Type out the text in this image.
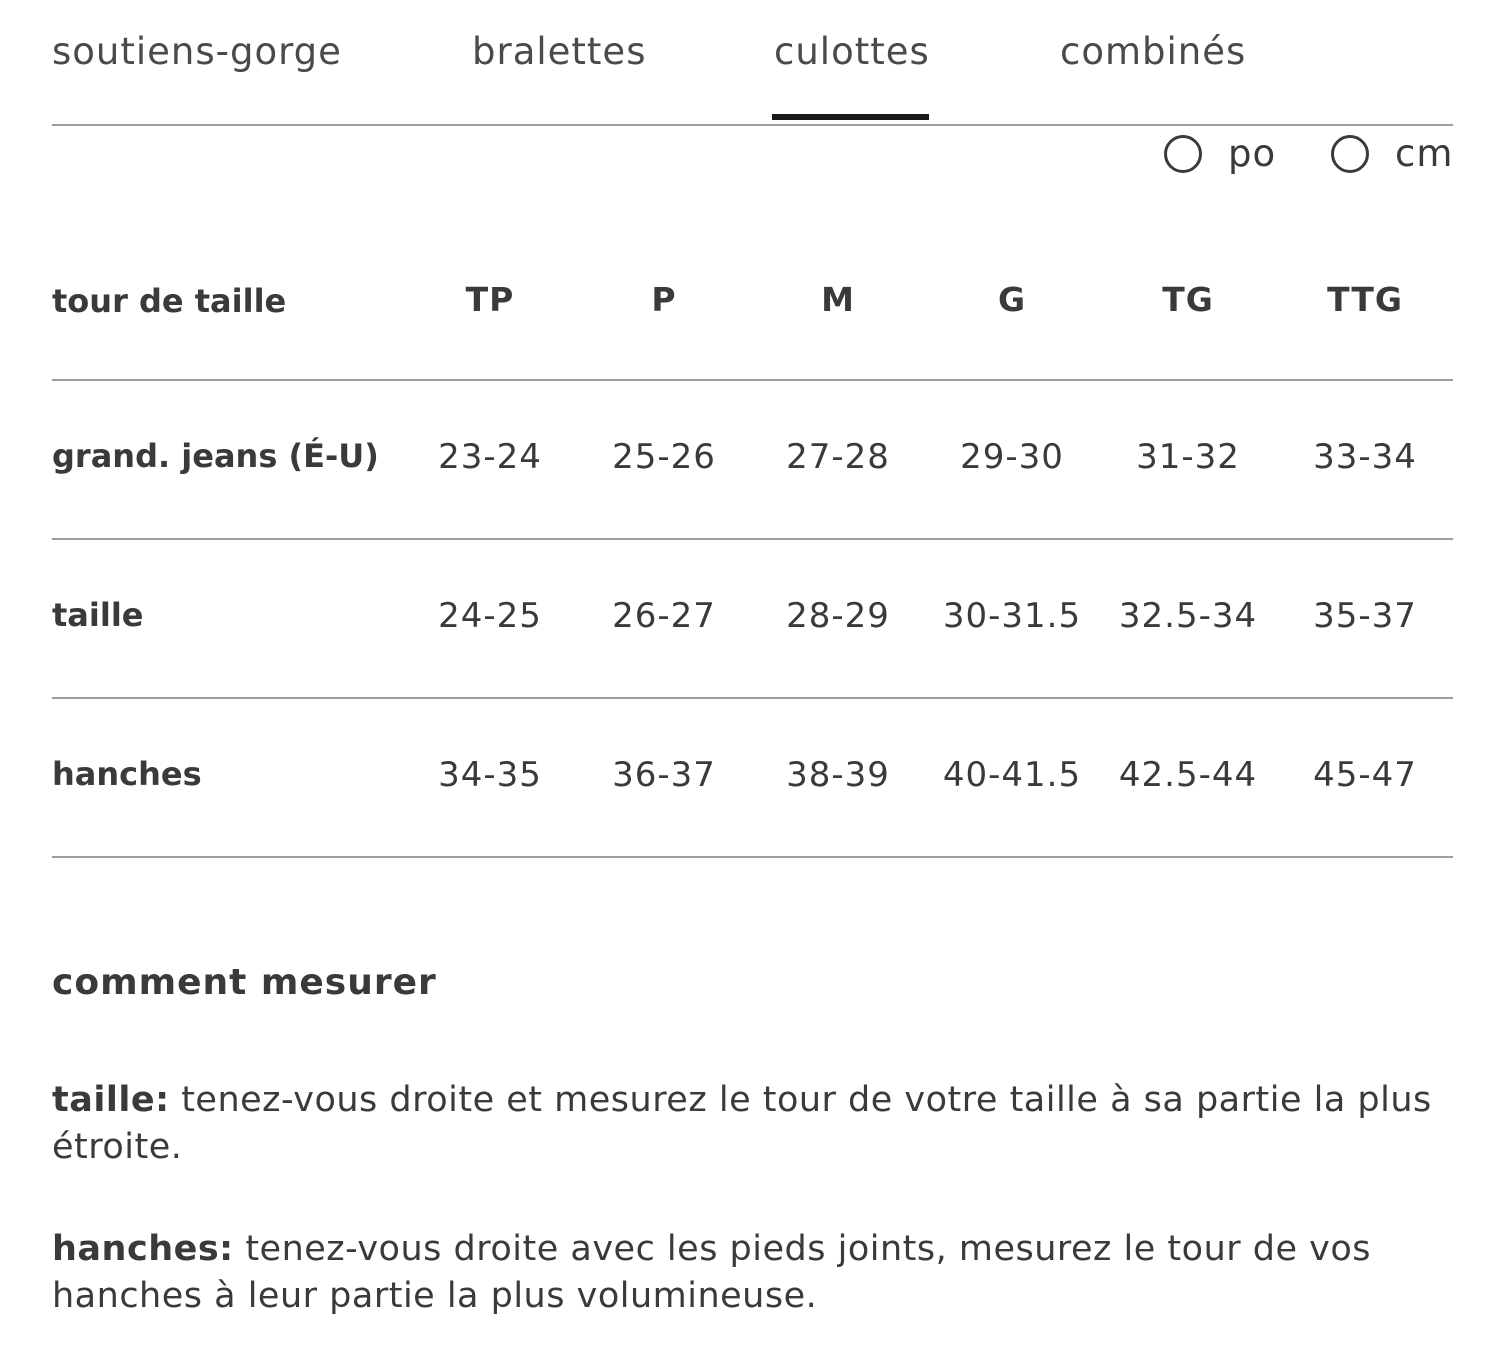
soutiens-gorge	bralettes	culottes	combinés
po	cm
tour de taille	TP	P	M	G	TG	TTG
grand. jeans (É-U)	23-24	25-26	27-28	29-30	31-32	33-34
taille	24-25	26-27	28-29	30-31.5	32.5-34	35-37
hanches	34-35	36-37	38-39	40-41.5	42.5-44	45-47
comment mesurer

taille: tenez-vous droite et mesurez le tour de votre taille à sa partie la plus étroite.

hanches: tenez-vous droite avec les pieds joints, mesurez le tour de vos hanches à leur partie la plus volumineuse.
